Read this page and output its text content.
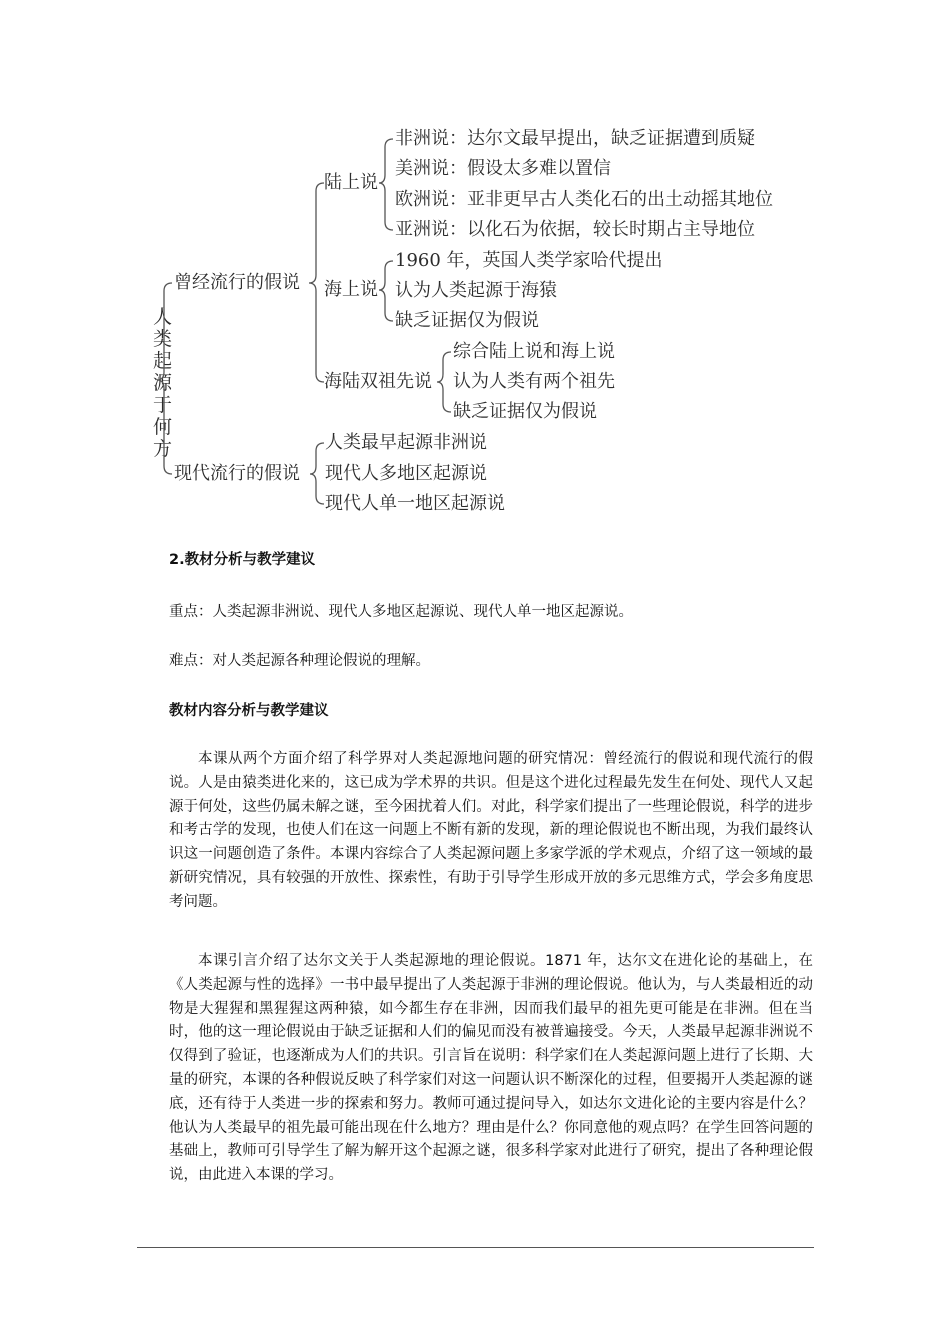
人
类
起
源
于
何
方
曾经流行的假说
现代流行的假说
陆上说
海上说
海陆双祖先说
非洲说：达尔文最早提出，缺乏证据遭到质疑
美洲说：假设太多难以置信
欧洲说：亚非更早古人类化石的出土动摇其地位
亚洲说：以化石为依据，较长时期占主导地位
1960 年，英国人类学家哈代提出
认为人类起源于海猿
缺乏证据仅为假说
综合陆上说和海上说
认为人类有两个祖先
缺乏证据仅为假说
人类最早起源非洲说
现代人多地区起源说
现代人单一地区起源说
2.教材分析与教学建议
重点：人类起源非洲说、现代人多地区起源说、现代人单一地区起源说。
难点：对人类起源各种理论假说的理解。
教材内容分析与教学建议

本课从两个方面介绍了科学界对人类起源地问题的研究情况：曾经流行的假说和现代流行的假说。人是由猿类进化来的，这已成为学术界的共识。但是这个进化过程最先发生在何处、现代人又起源于何处，这些仍属未解之谜，至今困扰着人们。对此，科学家们提出了一些理论假说，科学的进步和考古学的发现，也使人们在这一问题上不断有新的发现，新的理论假说也不断出现，为我们最终认识这一问题创造了条件。本课内容综合了人类起源问题上多家学派的学术观点，介绍了这一领域的最新研究情况，具有较强的开放性、探索性，有助于引导学生形成开放的多元思维方式，学会多角度思考问题。

本课引言介绍了达尔文关于人类起源地的理论假说。1871 年，达尔文在进化论的基础上，在《人类起源与性的选择》一书中最早提出了人类起源于非洲的理论假说。他认为，与人类最相近的动物是大猩猩和黑猩猩这两种猿，如今都生存在非洲，因而我们最早的祖先更可能是在非洲。但在当时，他的这一理论假说由于缺乏证据和人们的偏见而没有被普遍接受。今天，人类最早起源非洲说不仅得到了验证，也逐渐成为人们的共识。引言旨在说明：科学家们在人类起源问题上进行了长期、大量的研究，本课的各种假说反映了科学家们对这一问题认识不断深化的过程，但要揭开人类起源的谜底，还有待于人类进一步的探索和努力。教师可通过提问导入，如达尔文进化论的主要内容是什么？他认为人类最早的祖先最可能出现在什么地方？理由是什么？你同意他的观点吗？在学生回答问题的基础上，教师可引导学生了解为解开这个起源之谜，很多科学家对此进行了研究，提出了各种理论假说，由此进入本课的学习。
